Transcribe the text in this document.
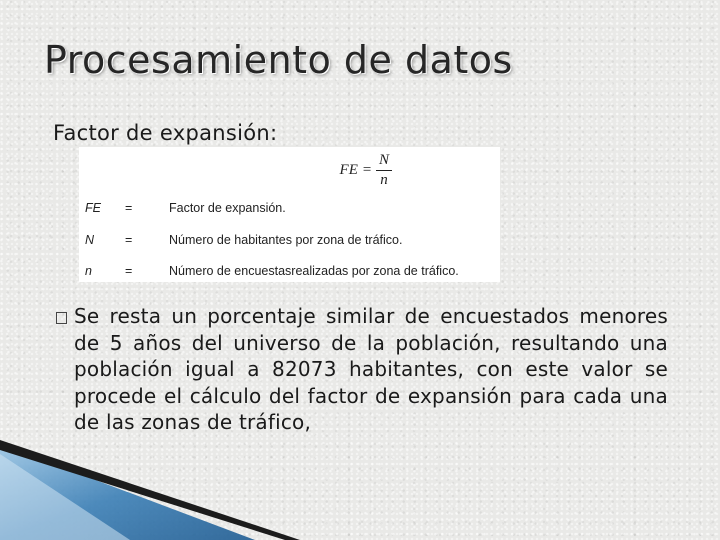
Procesamiento de datos
Factor de expansión:
FE = $\frac{N}{n}$
FE =	Factor de expansión.
N =	Número de habitantes por zona de tráfico.
n	=	Número de encuestasrealizadas por zona de tráfico.
Se resta un porcentaje similar de encuestados menores de 5 años del universo de la población, resultando una población igual a 82073 habitantes, con este valor se procede el cálculo del factor de expansión para cada una de las zonas de tráfico,
